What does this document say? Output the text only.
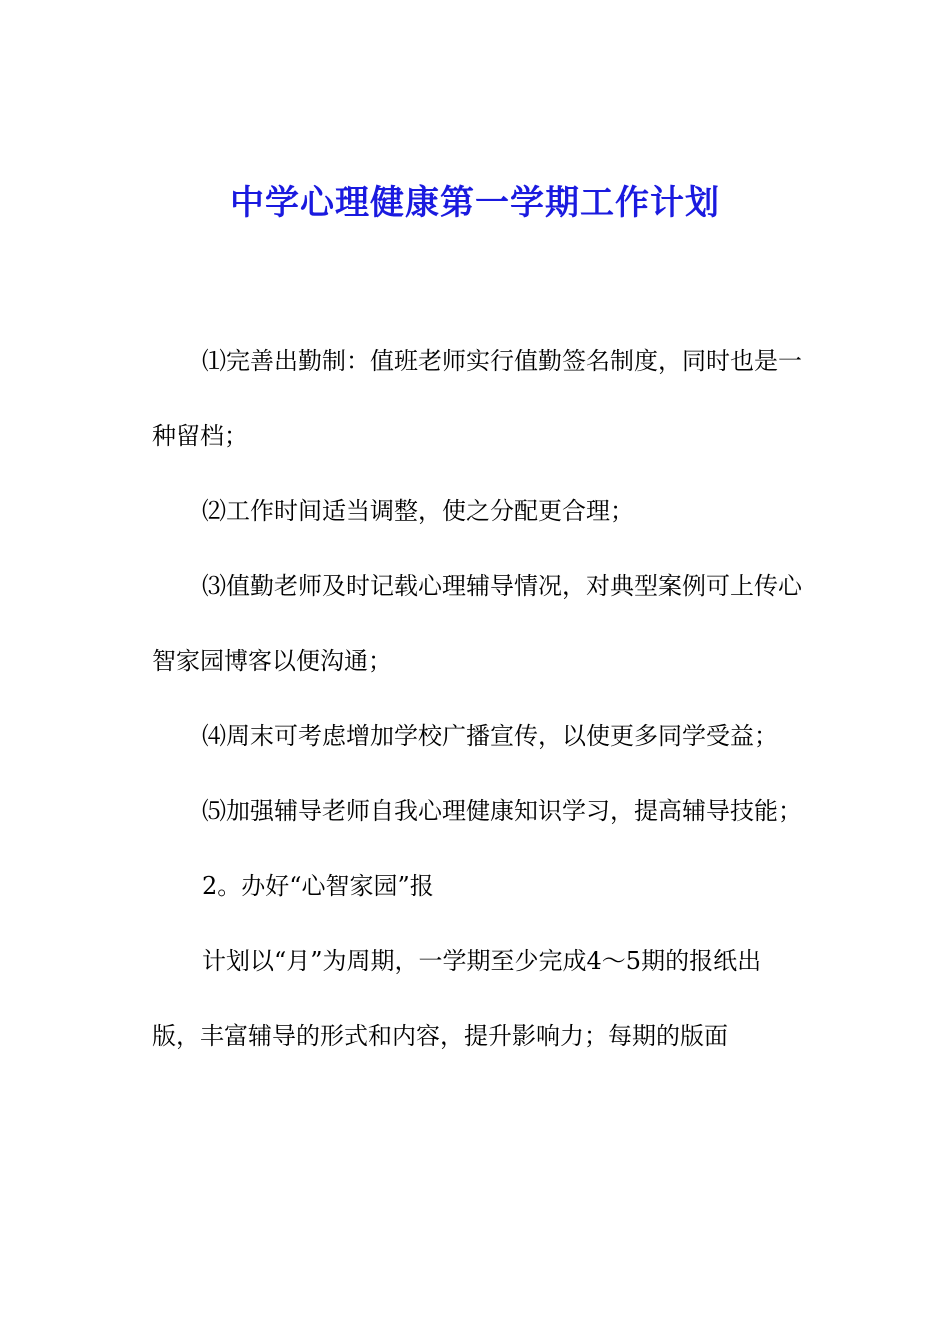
中学心理健康第一学期工作计划

⑴完善出勤制：值班老师实行值勤签名制度，同时也是一种留档；

⑵工作时间适当调整，使之分配更合理；

⑶值勤老师及时记载心理辅导情况，对典型案例可上传心智家园博客以便沟通；

⑷周末可考虑增加学校广播宣传，以使更多同学受益；

⑸加强辅导老师自我心理健康知识学习，提高辅导技能；

2。办好“心智家园”报

计划以“月”为周期，一学期至少完成4～5期的报纸出版，丰富辅导的形式和内容，提升影响力；每期的版面
